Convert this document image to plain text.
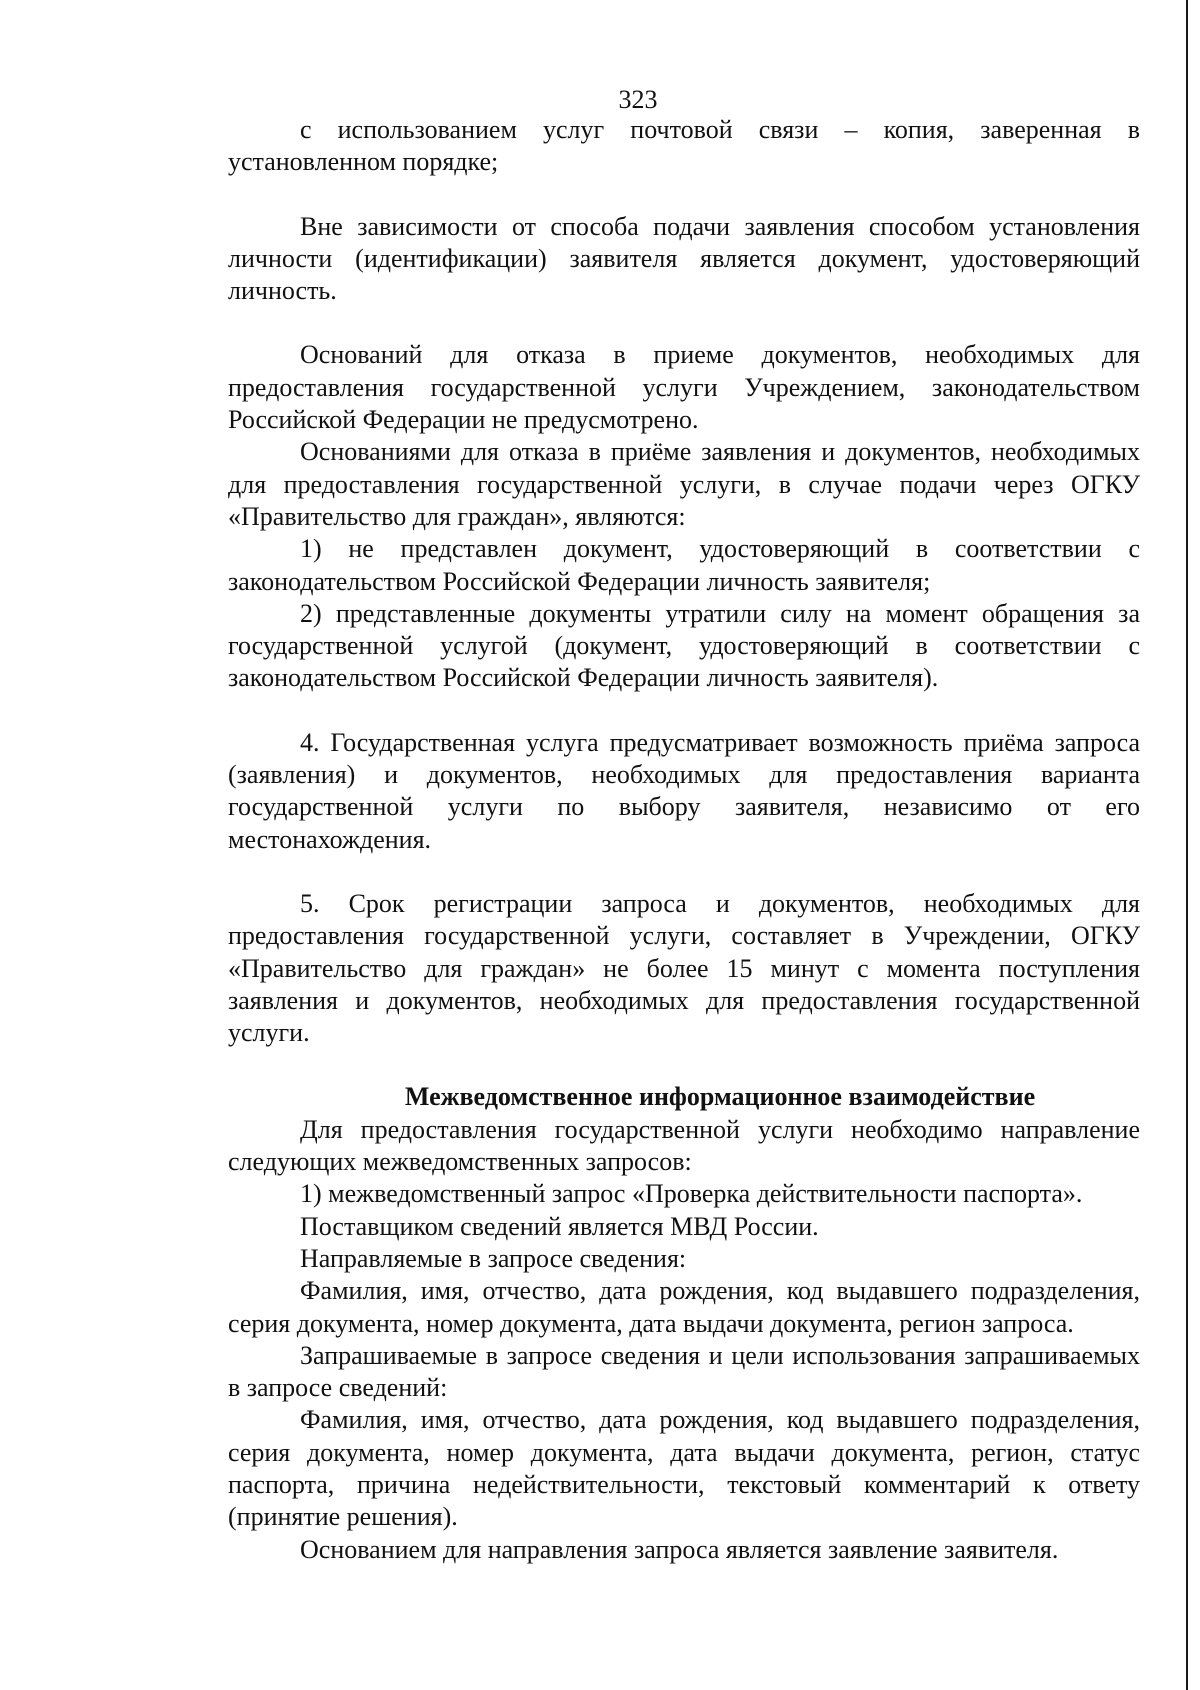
323

с использованием услуг почтовой связи – копия, заверенная в установленном порядке;

Вне зависимости от способа подачи заявления способом установления личности (идентификации) заявителя является документ, удостоверяющий личность.

Оснований для отказа в приеме документов, необходимых для предоставления государственной услуги Учреждением, законодательством Российской Федерации не предусмотрено.

Основаниями для отказа в приёме заявления и документов, необходимых для предоставления государственной услуги, в случае подачи через ОГКУ «Правительство для граждан», являются:

1) не представлен документ, удостоверяющий в соответствии с законодательством Российской Федерации личность заявителя;

2) представленные документы утратили силу на момент обращения за государственной услугой (документ, удостоверяющий в соответствии с законодательством Российской Федерации личность заявителя).

4. Государственная услуга предусматривает возможность приёма запроса (заявления) и документов, необходимых для предоставления варианта государственной услуги по выбору заявителя, независимо от его местонахождения.

5. Срок регистрации запроса и документов, необходимых для предоставления государственной услуги, составляет в Учреждении, ОГКУ «Правительство для граждан» не более 15 минут с момента поступления заявления и документов, необходимых для предоставления государственной услуги.

Межведомственное информационное взаимодействие

Для предоставления государственной услуги необходимо направление следующих межведомственных запросов:

1) межведомственный запрос «Проверка действительности паспорта».

Поставщиком сведений является МВД России.

Направляемые в запросе сведения:

Фамилия, имя, отчество, дата рождения, код выдавшего подразделения, серия документа, номер документа, дата выдачи документа, регион запроса.

Запрашиваемые в запросе сведения и цели использования запрашиваемых в запросе сведений:

Фамилия, имя, отчество, дата рождения, код выдавшего подразделения, серия документа, номер документа, дата выдачи документа, регион, статус паспорта, причина недействительности, текстовый комментарий к ответу (принятие решения).

Основанием для направления запроса является заявление заявителя.
